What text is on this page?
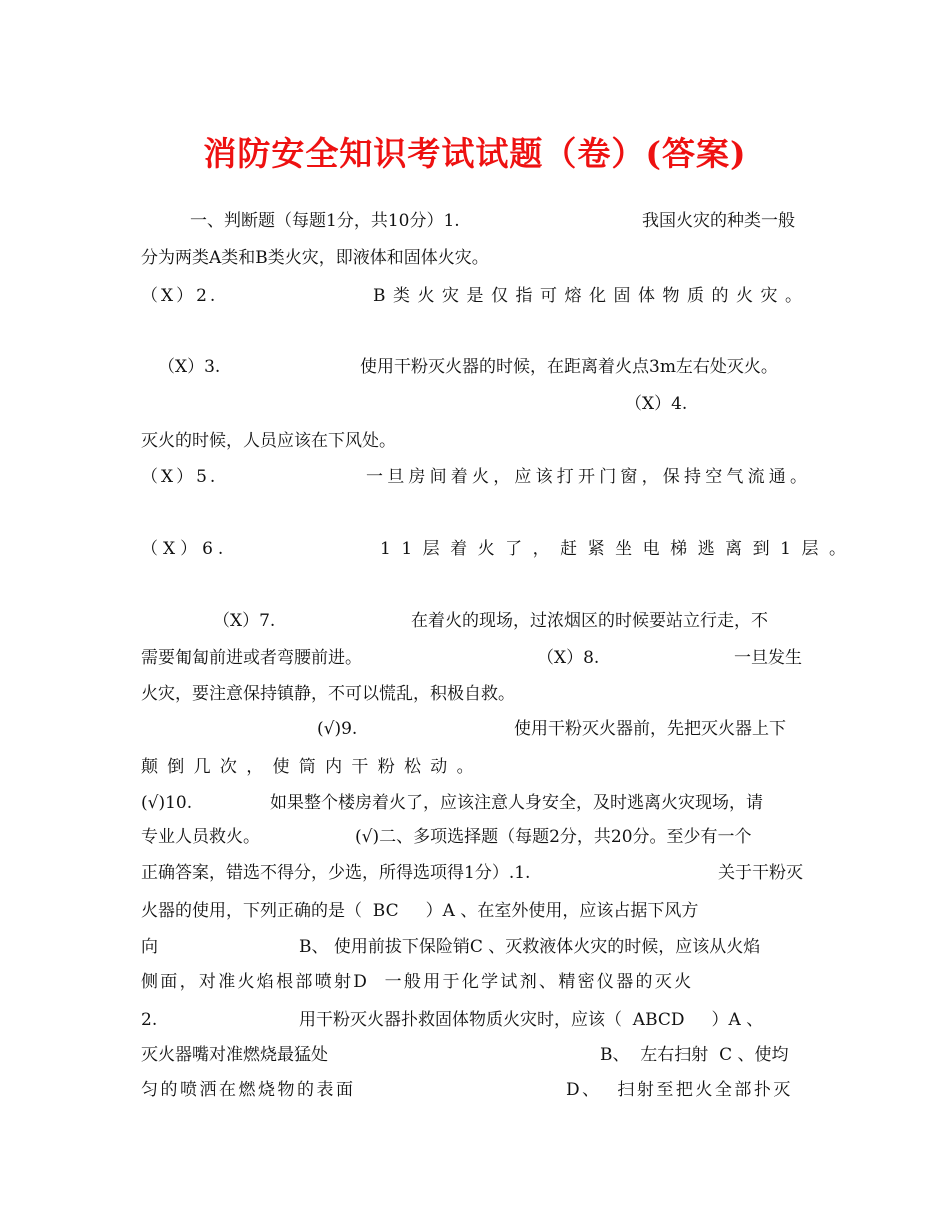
消防安全知识考试试题（卷）(答案)
一、判断题（每题1分，共10分）1.	我国火灾的种类一般
分为两类A类和B类火灾，即液体和固体火灾。
（X）2.	B类火灾是仅指可熔化固体物质的火灾。
（X）3.	使用干粉灭火器的时候，在距离着火点3m左右处灭火。
（X）4.
灭火的时候，人员应该在下风处。
（X）5.	一旦房间着火，应该打开门窗，保持空气流通。
（X）6.	11层着火了，赶紧坐电梯逃离到1层。
（X）7.	在着火的现场，过浓烟区的时候要站立行走，不
需要匍匐前进或者弯腰前进。	（X）8.	一旦发生
火灾，要注意保持镇静，不可以慌乱，积极自救。
(√)9.	使用干粉灭火器前，先把灭火器上下
颠倒几次，使筒内干粉松动。
(√)10.	如果整个楼房着火了，应该注意人身安全，及时逃离火灾现场，请
专业人员救火。	(√)二、多项选择题（每题2分，共20分。至少有一个
正确答案，错选不得分，少选，所得选项得1分）.1.	关于干粉灭
火器的使用，下列正确的是（  BC     ）A 、在室外使用，应该占据下风方
向	B、 使用前拔下保险销C 、灭救液体火灾的时候，应该从火焰
侧面，对准火焰根部喷射D  一般用于化学试剂、精密仪器的灭火
2.	用干粉灭火器扑救固体物质火灾时，应该（  ABCD     ）A 、
灭火器嘴对准燃烧最猛处	B、  左右扫射  C 、使均
匀的喷洒在燃烧物的表面	D、  扫射至把火全部扑灭
